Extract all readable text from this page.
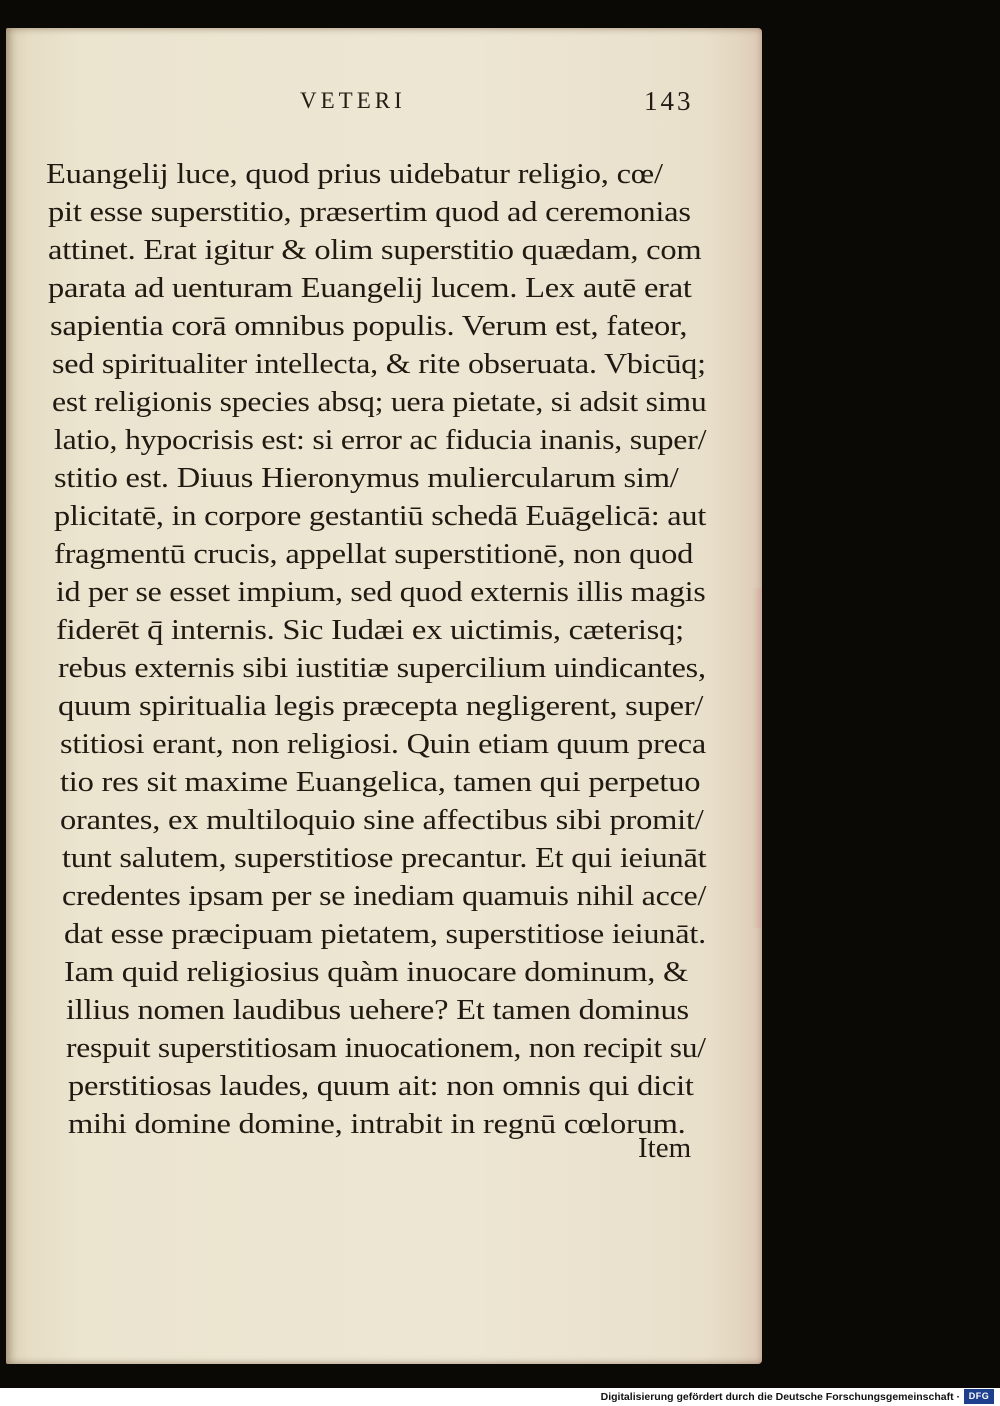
VETERI	143
Euangelij luce, quod prius uidebatur religio, cœ/
pit esse superstitio, præsertim quod ad ceremonias
attinet. Erat igitur & olim superstitio quædam, com
parata ad uenturam Euangelij lucem. Lex autē erat
sapientia corā omnibus populis. Verum est, fateor,
sed spiritualiter intellecta, & rite obseruata. Vbicūq;
est religionis species absq; uera pietate, si adsit simu
latio, hypocrisis est: si error ac fiducia inanis, super/
stitio est. Diuus Hieronymus muliercularum sim/
plicitatē, in corpore gestantiū schedā Euāgelicā: aut
fragmentū crucis, appellat superstitionē, non quod
id per se esset impium, sed quod externis illis magis
fiderēt q̄ internis. Sic Iudæi ex uictimis, cæterisq;
rebus externis sibi iustitiæ supercilium uindicantes,
quum spiritualia legis præcepta negligerent, super/
stitiosi erant, non religiosi. Quin etiam quum preca
tio res sit maxime Euangelica, tamen qui perpetuo
orantes, ex multiloquio sine affectibus sibi promit/
tunt salutem, superstitiose precantur. Et qui ieiunāt
credentes ipsam per se inediam quamuis nihil acce/
dat esse præcipuam pietatem, superstitiose ieiunāt.
Iam quid religiosius quàm inuocare dominum, &
illius nomen laudibus uehere? Et tamen dominus
respuit superstitiosam inuocationem, non recipit su/
perstitiosas laudes, quum ait: non omnis qui dicit
mihi domine domine, intrabit in regnū cœlorum.
Item
Digitalisierung gefördert durch die Deutsche Forschungsgemeinschaft · DFG
